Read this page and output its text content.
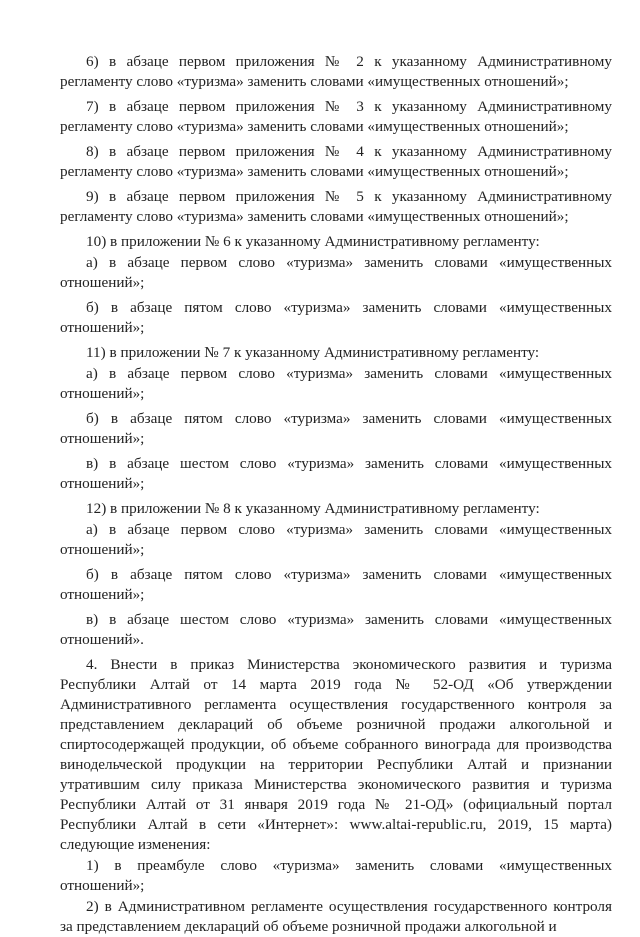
6) в абзаце первом приложения № 2 к указанному Административному регламенту слово «туризма» заменить словами «имущественных отношений»;

7) в абзаце первом приложения № 3 к указанному Административному регламенту слово «туризма» заменить словами «имущественных отношений»;

8) в абзаце первом приложения № 4 к указанному Административному регламенту слово «туризма» заменить словами «имущественных отношений»;

9) в абзаце первом приложения № 5 к указанному Административному регламенту слово «туризма» заменить словами «имущественных отношений»;

10) в приложении № 6 к указанному Административному регламенту:

а) в абзаце первом слово «туризма» заменить словами «имущественных отношений»;

б) в абзаце пятом слово «туризма» заменить словами «имущественных отношений»;

11) в приложении № 7 к указанному Административному регламенту:

а) в абзаце первом слово «туризма» заменить словами «имущественных отношений»;

б) в абзаце пятом слово «туризма» заменить словами «имущественных отношений»;

в) в абзаце шестом слово «туризма» заменить словами «имущественных отношений»;

12) в приложении № 8 к указанному Административному регламенту:

а) в абзаце первом слово «туризма» заменить словами «имущественных отношений»;

б) в абзаце пятом слово «туризма» заменить словами «имущественных отношений»;

в) в абзаце шестом слово «туризма» заменить словами «имущественных отношений».

4. Внести в приказ Министерства экономического развития и туризма Республики Алтай от 14 марта 2019 года № 52-ОД «Об утверждении Административного регламента осуществления государственного контроля за представлением деклараций об объеме розничной продажи алкогольной и спиртосодержащей продукции, об объеме собранного винограда для производства винодельческой продукции на территории Республики Алтай и признании утратившим силу приказа Министерства экономического развития и туризма Республики Алтай от 31 января 2019 года № 21-ОД» (официальный портал Республики Алтай в сети «Интернет»: www.altai-republic.ru, 2019, 15 марта) следующие изменения:

1) в преамбуле слово «туризма» заменить словами «имущественных отношений»;

2) в Административном регламенте осуществления государственного контроля за представлением деклараций об объеме розничной продажи алкогольной и
